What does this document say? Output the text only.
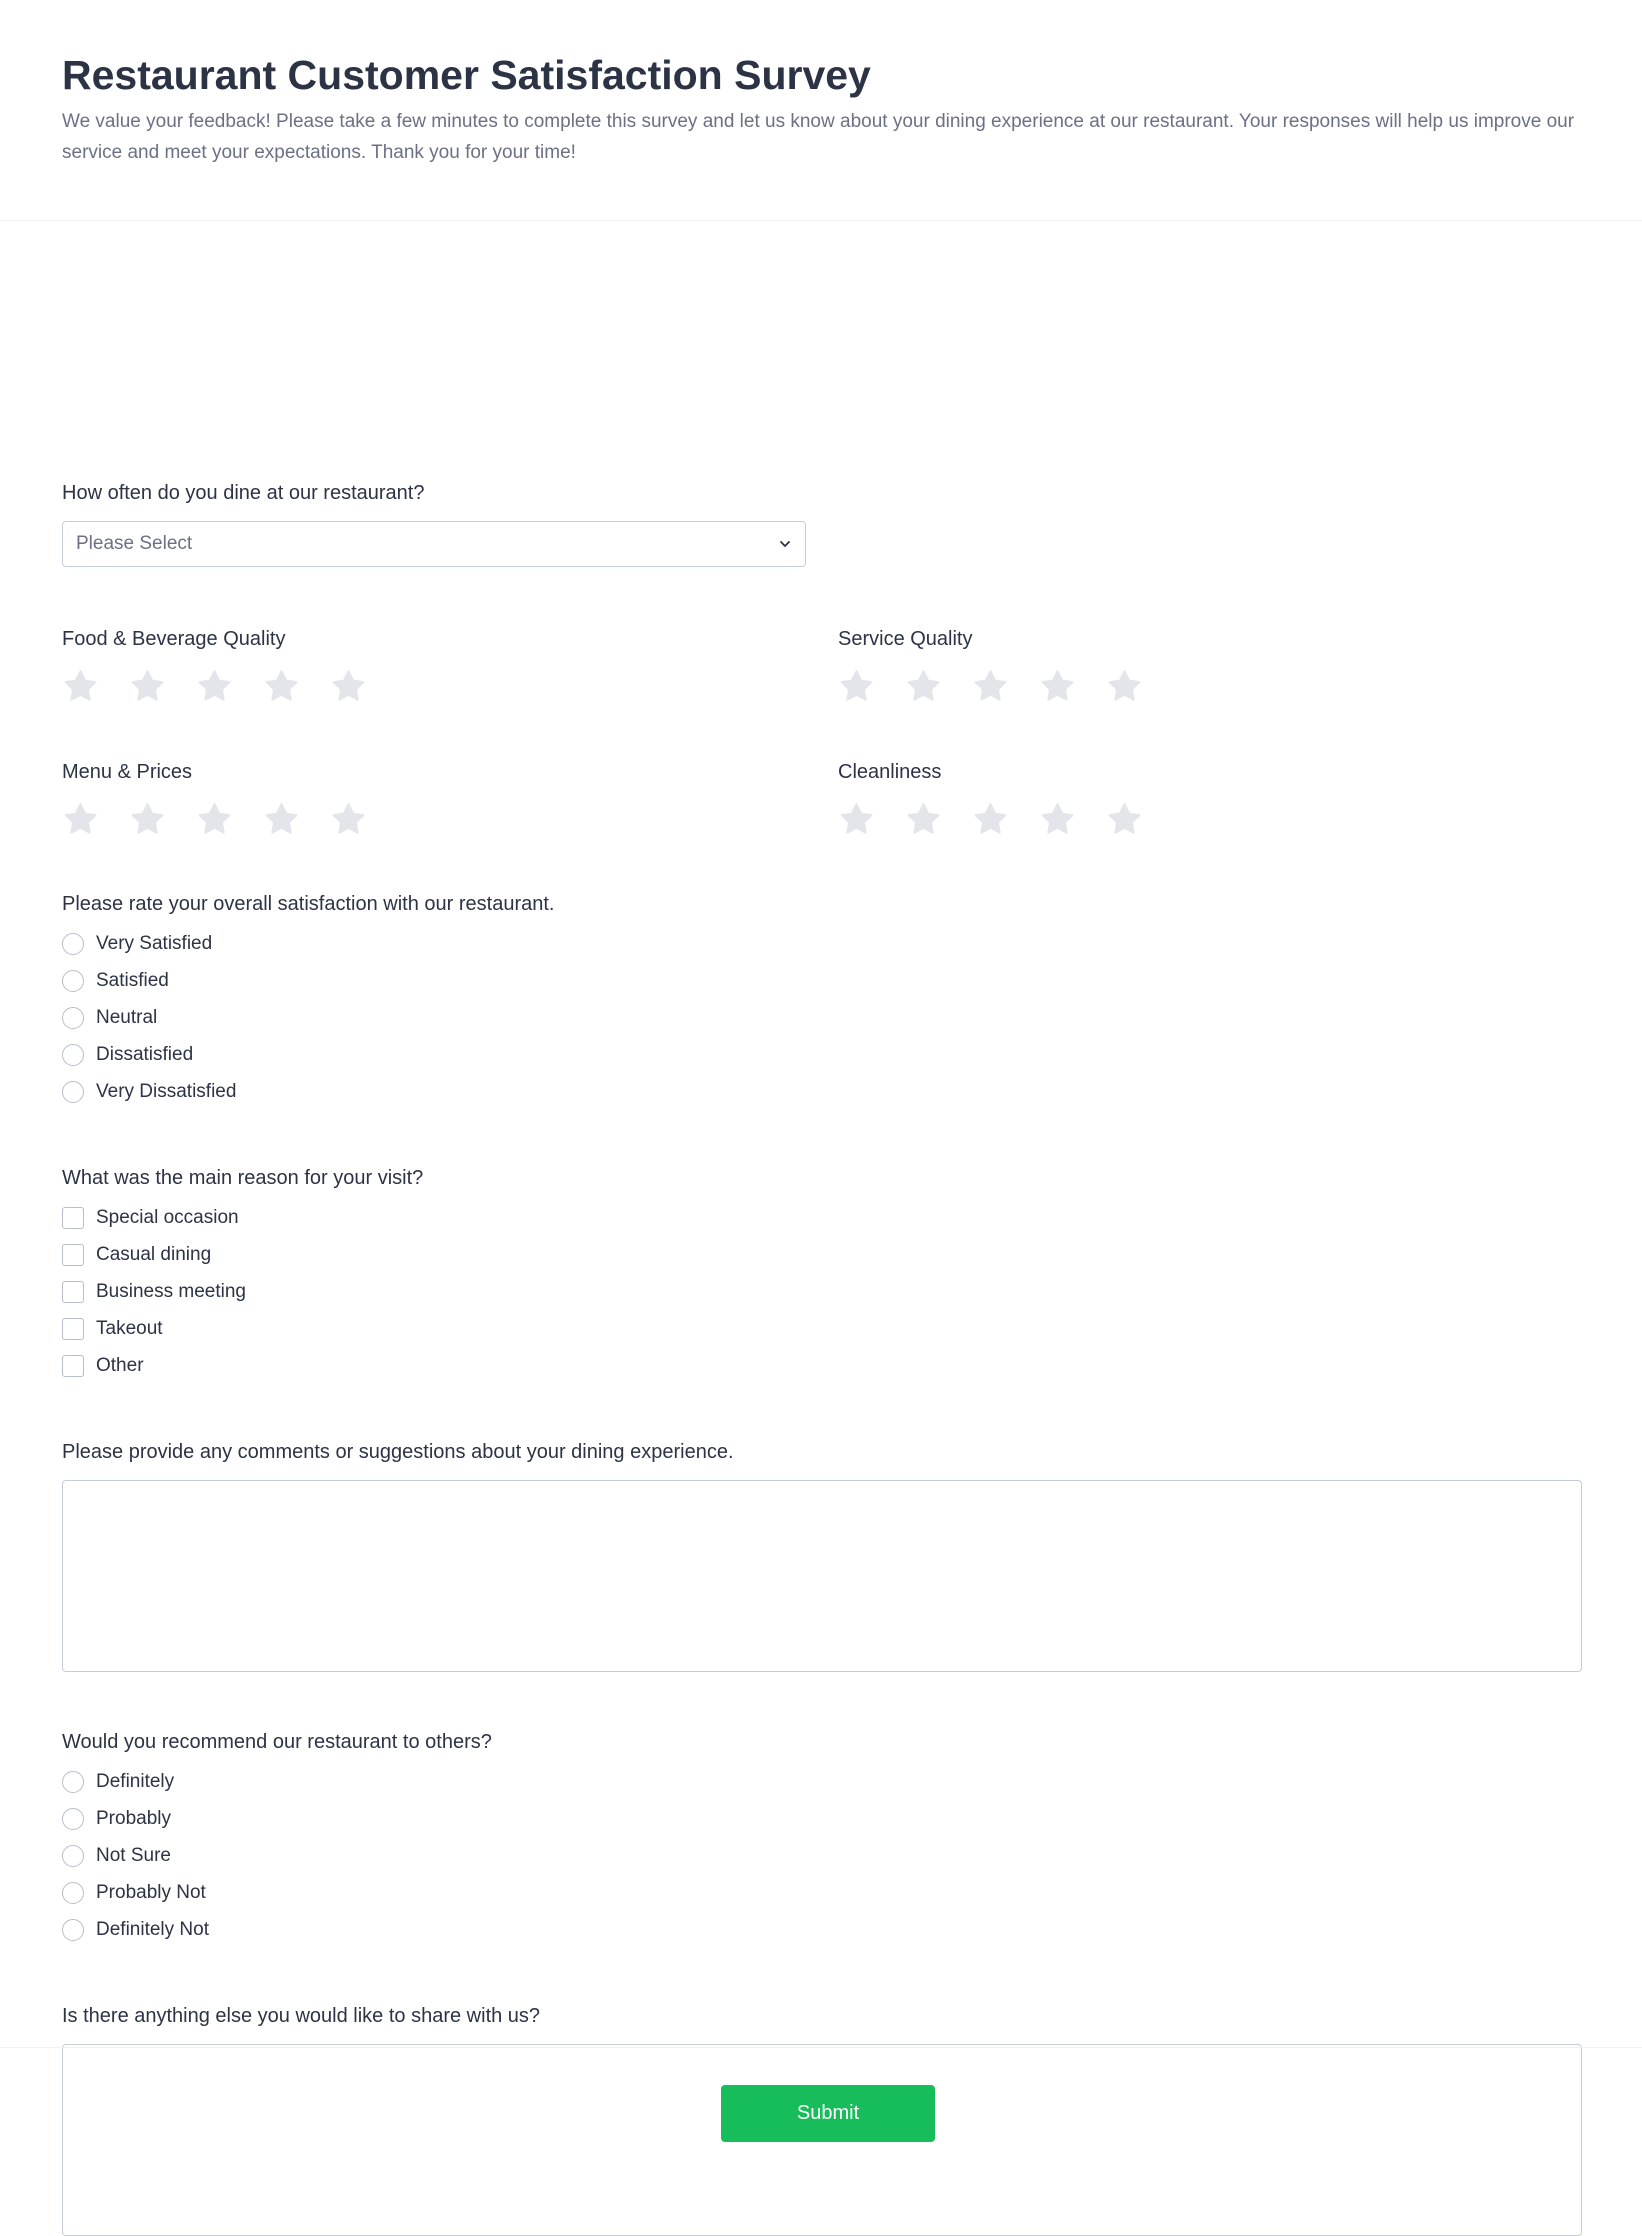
Restaurant Customer Satisfaction Survey
We value your feedback! Please take a few minutes to complete this survey and let us know about your dining experience at our restaurant. Your responses will help us improve our service and meet your expectations. Thank you for your time!
How often do you dine at our restaurant?
Please Select
Food & Beverage Quality	Service Quality
Menu & Prices	Cleanliness
Please rate your overall satisfaction with our restaurant.
Very Satisfied
Satisfied
Neutral
Dissatisfied
Very Dissatisfied
What was the main reason for your visit?
Special occasion
Casual dining
Business meeting
Takeout
Other
Please provide any comments or suggestions about your dining experience.
Would you recommend our restaurant to others?
Definitely
Probably
Not Sure
Probably Not
Definitely Not
Is there anything else you would like to share with us?
Submit
